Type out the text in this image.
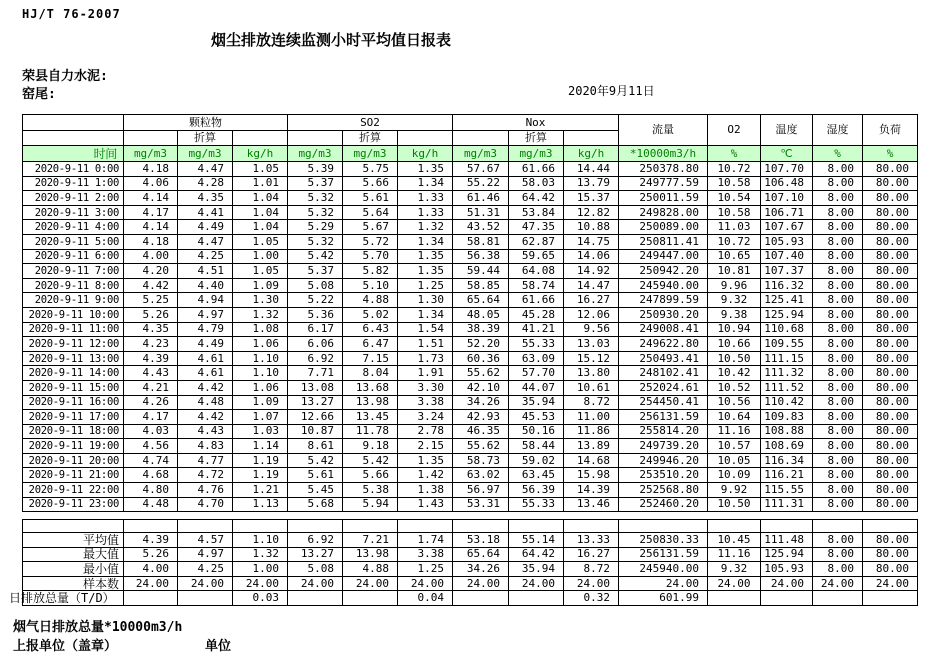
HJ/T 76-2007
烟尘排放连续监测小时平均值日报表
荣县自力水泥:
窑尾:	2020年9月11日
	颗粒物			SO2			Nox			流量	O2	温度	湿度	负荷
		折算			折算			折算						
时间	mg/m3	mg/m3	kg/h	mg/m3	mg/m3	kg/h	mg/m3	mg/m3	kg/h	*10000m3/h	%	℃	%	%
2020-9-11 0:00	4.18	4.47	1.05	5.39	5.75	1.35	57.67	61.66	14.44	250378.80	10.72	107.70	8.00	80.00
2020-9-11 1:00	4.06	4.28	1.01	5.37	5.66	1.34	55.22	58.03	13.79	249777.59	10.58	106.48	8.00	80.00
2020-9-11 2:00	4.14	4.35	1.04	5.32	5.61	1.33	61.46	64.42	15.37	250011.59	10.54	107.10	8.00	80.00
2020-9-11 3:00	4.17	4.41	1.04	5.32	5.64	1.33	51.31	53.84	12.82	249828.00	10.58	106.71	8.00	80.00
2020-9-11 4:00	4.14	4.49	1.04	5.29	5.67	1.32	43.52	47.35	10.88	250089.00	11.03	107.67	8.00	80.00
2020-9-11 5:00	4.18	4.47	1.05	5.32	5.72	1.34	58.81	62.87	14.75	250811.41	10.72	105.93	8.00	80.00
2020-9-11 6:00	4.00	4.25	1.00	5.42	5.70	1.35	56.38	59.65	14.06	249447.00	10.65	107.40	8.00	80.00
2020-9-11 7:00	4.20	4.51	1.05	5.37	5.82	1.35	59.44	64.08	14.92	250942.20	10.81	107.37	8.00	80.00
2020-9-11 8:00	4.42	4.40	1.09	5.08	5.10	1.25	58.85	58.74	14.47	245940.00	9.96	116.32	8.00	80.00
2020-9-11 9:00	5.25	4.94	1.30	5.22	4.88	1.30	65.64	61.66	16.27	247899.59	9.32	125.41	8.00	80.00
2020-9-11 10:00	5.26	4.97	1.32	5.36	5.02	1.34	48.05	45.28	12.06	250930.20	9.38	125.94	8.00	80.00
2020-9-11 11:00	4.35	4.79	1.08	6.17	6.43	1.54	38.39	41.21	9.56	249008.41	10.94	110.68	8.00	80.00
2020-9-11 12:00	4.23	4.49	1.06	6.06	6.47	1.51	52.20	55.33	13.03	249622.80	10.66	109.55	8.00	80.00
2020-9-11 13:00	4.39	4.61	1.10	6.92	7.15	1.73	60.36	63.09	15.12	250493.41	10.50	111.15	8.00	80.00
2020-9-11 14:00	4.43	4.61	1.10	7.71	8.04	1.91	55.62	57.70	13.80	248102.41	10.42	111.32	8.00	80.00
2020-9-11 15:00	4.21	4.42	1.06	13.08	13.68	3.30	42.10	44.07	10.61	252024.61	10.52	111.52	8.00	80.00
2020-9-11 16:00	4.26	4.48	1.09	13.27	13.98	3.38	34.26	35.94	8.72	254450.41	10.56	110.42	8.00	80.00
2020-9-11 17:00	4.17	4.42	1.07	12.66	13.45	3.24	42.93	45.53	11.00	256131.59	10.64	109.83	8.00	80.00
2020-9-11 18:00	4.03	4.43	1.03	10.87	11.78	2.78	46.35	50.16	11.86	255814.20	11.16	108.88	8.00	80.00
2020-9-11 19:00	4.56	4.83	1.14	8.61	9.18	2.15	55.62	58.44	13.89	249739.20	10.57	108.69	8.00	80.00
2020-9-11 20:00	4.74	4.77	1.19	5.42	5.42	1.35	58.73	59.02	14.68	249946.20	10.05	116.34	8.00	80.00
2020-9-11 21:00	4.68	4.72	1.19	5.61	5.66	1.42	63.02	63.45	15.98	253510.20	10.09	116.21	8.00	80.00
2020-9-11 22:00	4.80	4.76	1.21	5.45	5.38	1.38	56.97	56.39	14.39	252568.80	9.92	115.55	8.00	80.00
2020-9-11 23:00	4.48	4.70	1.13	5.68	5.94	1.43	53.31	55.33	13.46	252460.20	10.50	111.31	8.00	80.00

平均值	4.39	4.57	1.10	6.92	7.21	1.74	53.18	55.14	13.33	250830.33	10.45	111.48	8.00	80.00
最大值	5.26	4.97	1.32	13.27	13.98	3.38	65.64	64.42	16.27	256131.59	11.16	125.94	8.00	80.00
最小值	4.00	4.25	1.00	5.08	4.88	1.25	34.26	35.94	8.72	245940.00	9.32	105.93	8.00	80.00
样本数	24.00	24.00	24.00	24.00	24.00	24.00	24.00	24.00	24.00	24.00	24.00	24.00	24.00	24.00
日排放总量（T/D）			0.03			0.04			0.32	601.99				
烟气日排放总量*10000m3/h
上报单位（盖章）	单位
